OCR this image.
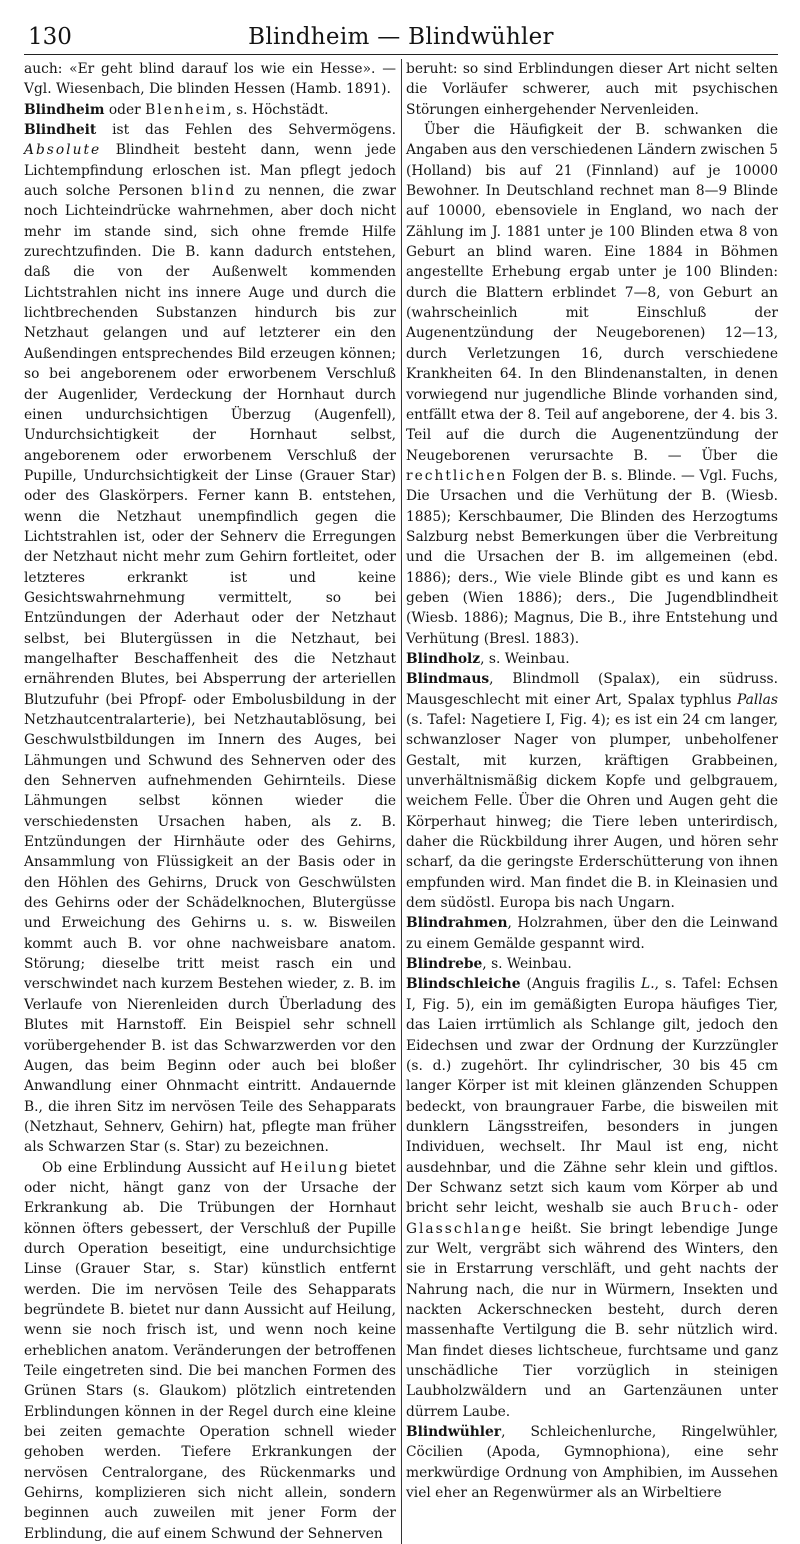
130	Blindheim — Blindwühler

auch: «Er geht blind darauf los wie ein Hesse». — Vgl. Wiesenbach, Die blinden Hessen (Hamb. 1891).

Blindheim oder Blenheim, s. Höchstädt.

Blindheit ist das Fehlen des Sehvermögens. Absolute Blindheit besteht dann, wenn jede Lichtempfindung erloschen ist. Man pflegt jedoch auch solche Personen blind zu nennen, die zwar noch Lichteindrücke wahrnehmen, aber doch nicht mehr im stande sind, sich ohne fremde Hilfe zurechtzufinden. Die B. kann dadurch entstehen, daß die von der Außenwelt kommenden Lichtstrahlen nicht ins innere Auge und durch die lichtbrechenden Substanzen hindurch bis zur Netzhaut gelangen und auf letzterer ein den Außendingen entsprechendes Bild erzeugen können; so bei angeborenem oder erworbenem Verschluß der Augenlider, Verdeckung der Hornhaut durch einen undurchsichtigen Überzug (Augenfell), Undurchsichtigkeit der Hornhaut selbst, angeborenem oder erworbenem Verschluß der Pupille, Undurchsichtigkeit der Linse (Grauer Star) oder des Glaskörpers. Ferner kann B. entstehen, wenn die Netzhaut unempfindlich gegen die Lichtstrahlen ist, oder der Sehnerv die Erregungen der Netzhaut nicht mehr zum Gehirn fortleitet, oder letzteres erkrankt ist und keine Gesichtswahrnehmung vermittelt, so bei Entzündungen der Aderhaut oder der Netzhaut selbst, bei Blutergüssen in die Netzhaut, bei mangelhafter Beschaffenheit des die Netzhaut ernährenden Blutes, bei Absperrung der arteriellen Blutzufuhr (bei Pfropf- oder Embolusbildung in der Netzhautcentralarterie), bei Netzhautablösung, bei Geschwulstbildungen im Innern des Auges, bei Lähmungen und Schwund des Sehnerven oder des den Sehnerven aufnehmenden Gehirnteils. Diese Lähmungen selbst können wieder die verschiedensten Ursachen haben, als z. B. Entzündungen der Hirnhäute oder des Gehirns, Ansammlung von Flüssigkeit an der Basis oder in den Höhlen des Gehirns, Druck von Geschwülsten des Gehirns oder der Schädelknochen, Blutergüsse und Erweichung des Gehirns u. s. w. Bisweilen kommt auch B. vor ohne nachweisbare anatom. Störung; dieselbe tritt meist rasch ein und verschwindet nach kurzem Bestehen wieder, z. B. im Verlaufe von Nierenleiden durch Überladung des Blutes mit Harnstoff. Ein Beispiel sehr schnell vorübergehender B. ist das Schwarzwerden vor den Augen, das beim Beginn oder auch bei bloßer Anwandlung einer Ohnmacht eintritt. Andauernde B., die ihren Sitz im nervösen Teile des Sehapparats (Netzhaut, Sehnerv, Gehirn) hat, pflegte man früher als Schwarzen Star (s. Star) zu bezeichnen.

Ob eine Erblindung Aussicht auf Heilung bietet oder nicht, hängt ganz von der Ursache der Erkrankung ab. Die Trübungen der Hornhaut können öfters gebessert, der Verschluß der Pupille durch Operation beseitigt, eine undurchsichtige Linse (Grauer Star, s. Star) künstlich entfernt werden. Die im nervösen Teile des Sehapparats begründete B. bietet nur dann Aussicht auf Heilung, wenn sie noch frisch ist, und wenn noch keine erheblichen anatom. Veränderungen der betroffenen Teile eingetreten sind. Die bei manchen Formen des Grünen Stars (s. Glaukom) plötzlich eintretenden Erblindungen können in der Regel durch eine kleine bei zeiten gemachte Operation schnell wieder gehoben werden. Tiefere Erkrankungen der nervösen Centralorgane, des Rückenmarks und Gehirns, komplizieren sich nicht allein, sondern beginnen auch zuweilen mit jener Form der Erblindung, die auf einem Schwund der Sehnerven

beruht: so sind Erblindungen dieser Art nicht selten die Vorläufer schwerer, auch mit psychischen Störungen einhergehender Nervenleiden.

Über die Häufigkeit der B. schwanken die Angaben aus den verschiedenen Ländern zwischen 5 (Holland) bis auf 21 (Finnland) auf je 10000 Bewohner. In Deutschland rechnet man 8—9 Blinde auf 10000, ebensoviele in England, wo nach der Zählung im J. 1881 unter je 100 Blinden etwa 8 von Geburt an blind waren. Eine 1884 in Böhmen angestellte Erhebung ergab unter je 100 Blinden: durch die Blattern erblindet 7—8, von Geburt an (wahrscheinlich mit Einschluß der Augenentzündung der Neugeborenen) 12—13, durch Verletzungen 16, durch verschiedene Krankheiten 64. In den Blindenanstalten, in denen vorwiegend nur jugendliche Blinde vorhanden sind, entfällt etwa der 8. Teil auf angeborene, der 4. bis 3. Teil auf die durch die Augenentzündung der Neugeborenen verursachte B. — Über die rechtlichen Folgen der B. s. Blinde. — Vgl. Fuchs, Die Ursachen und die Verhütung der B. (Wiesb. 1885); Kerschbaumer, Die Blinden des Herzogtums Salzburg nebst Bemerkungen über die Verbreitung und die Ursachen der B. im allgemeinen (ebd. 1886); ders., Wie viele Blinde gibt es und kann es geben (Wien 1886); ders., Die Jugendblindheit (Wiesb. 1886); Magnus, Die B., ihre Entstehung und Verhütung (Bresl. 1883).

Blindholz, s. Weinbau.

Blindmaus, Blindmoll (Spalax), ein südruss. Mausgeschlecht mit einer Art, Spalax typhlus Pallas (s. Tafel: Nagetiere I, Fig. 4); es ist ein 24 cm langer, schwanzloser Nager von plumper, unbeholfener Gestalt, mit kurzen, kräftigen Grabbeinen, unverhältnismäßig dickem Kopfe und gelbgrauem, weichem Felle. Über die Ohren und Augen geht die Körperhaut hinweg; die Tiere leben unterirdisch, daher die Rückbildung ihrer Augen, und hören sehr scharf, da die geringste Erderschütterung von ihnen empfunden wird. Man findet die B. in Kleinasien und dem südöstl. Europa bis nach Ungarn.

Blindrahmen, Holzrahmen, über den die Leinwand zu einem Gemälde gespannt wird.

Blindrebe, s. Weinbau.

Blindschleiche (Anguis fragilis L., s. Tafel: Echsen I, Fig. 5), ein im gemäßigten Europa häufiges Tier, das Laien irrtümlich als Schlange gilt, jedoch den Eidechsen und zwar der Ordnung der Kurzzüngler (s. d.) zugehört. Ihr cylindrischer, 30 bis 45 cm langer Körper ist mit kleinen glänzenden Schuppen bedeckt, von braungrauer Farbe, die bisweilen mit dunklern Längsstreifen, besonders in jungen Individuen, wechselt. Ihr Maul ist eng, nicht ausdehnbar, und die Zähne sehr klein und giftlos. Der Schwanz setzt sich kaum vom Körper ab und bricht sehr leicht, weshalb sie auch Bruch- oder Glasschlange heißt. Sie bringt lebendige Junge zur Welt, vergräbt sich während des Winters, den sie in Erstarrung verschläft, und geht nachts der Nahrung nach, die nur in Würmern, Insekten und nackten Ackerschnecken besteht, durch deren massenhafte Vertilgung die B. sehr nützlich wird. Man findet dieses lichtscheue, furchtsame und ganz unschädliche Tier vorzüglich in steinigen Laubholzwäldern und an Gartenzäunen unter dürrem Laube.

Blindwühler, Schleichenlurche, Ringelwühler, Cöcilien (Apoda, Gymnophiona), eine sehr merkwürdige Ordnung von Amphibien, im Aussehen viel eher an Regenwürmer als an Wirbeltiere
